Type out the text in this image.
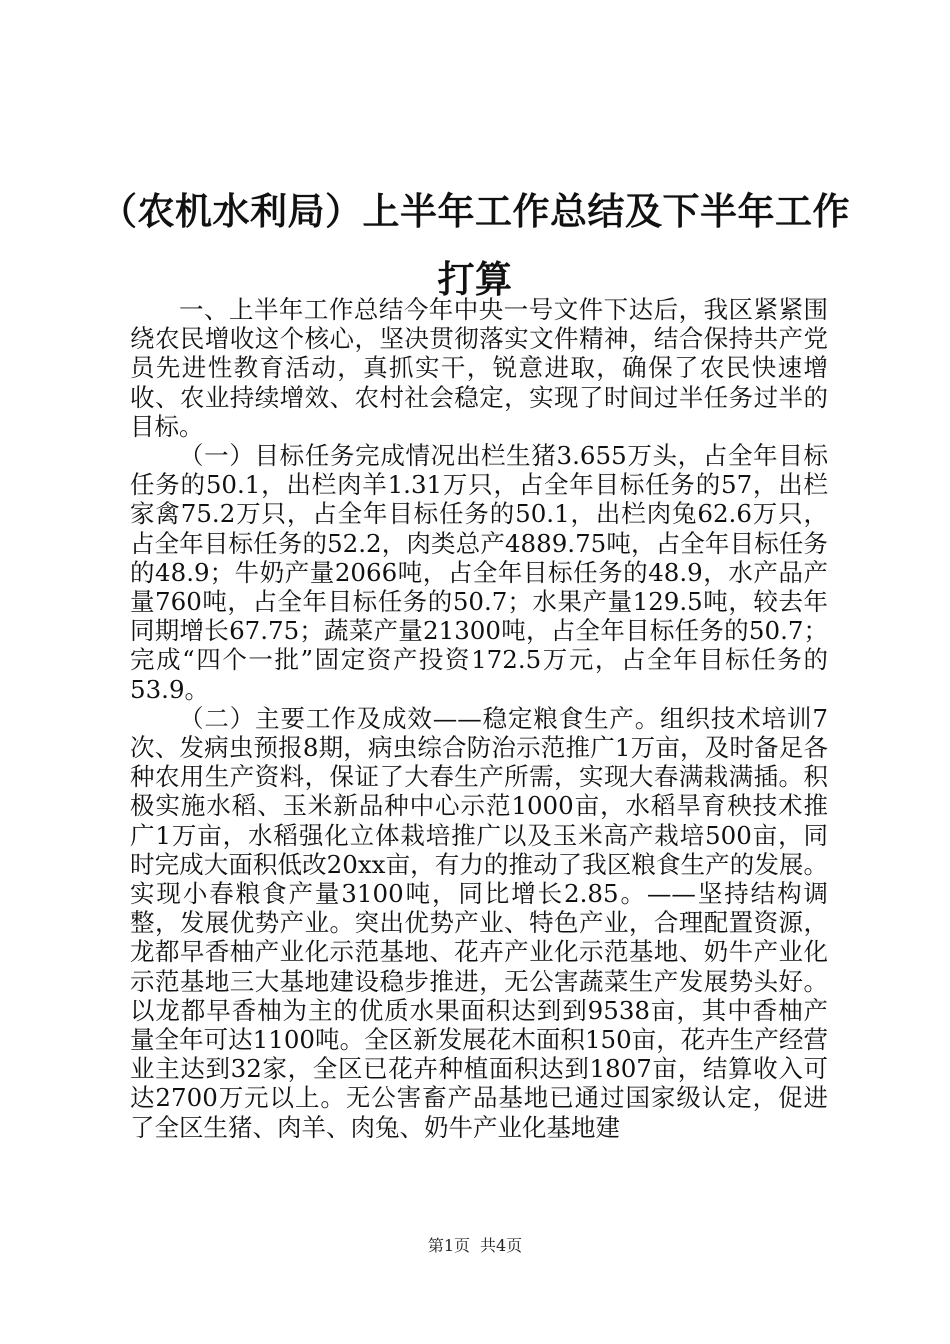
（农机水利局）上半年工作总结及下半年工作打算

一、上半年工作总结今年中央一号文件下达后，我区紧紧围绕农民增收这个核心，坚决贯彻落实文件精神，结合保持共产党员先进性教育活动，真抓实干，锐意进取，确保了农民快速增收、农业持续增效、农村社会稳定，实现了时间过半任务过半的目标。

（一）目标任务完成情况出栏生猪3.655万头，占全年目标任务的50.1，出栏肉羊1.31万只，占全年目标任务的57，出栏家禽75.2万只，占全年目标任务的50.1，出栏肉兔62.6万只，占全年目标任务的52.2，肉类总产4889.75吨，占全年目标任务的48.9；牛奶产量2066吨，占全年目标任务的48.9，水产品产量760吨，占全年目标任务的50.7；水果产量129.5吨，较去年同期增长67.75；蔬菜产量21300吨，占全年目标任务的50.7；完成“四个一批”固定资产投资172.5万元，占全年目标任务的53.9。

（二）主要工作及成效——稳定粮食生产。组织技术培训7次、发病虫预报8期，病虫综合防治示范推广1万亩，及时备足各种农用生产资料，保证了大春生产所需，实现大春满栽满插。积极实施水稻、玉米新品种中心示范1000亩，水稻旱育秧技术推广1万亩，水稻强化立体栽培推广以及玉米高产栽培500亩，同时完成大面积低改20xx亩，有力的推动了我区粮食生产的发展。实现小春粮食产量3100吨，同比增长2.85。——坚持结构调整，发展优势产业。突出优势产业、特色产业，合理配置资源，龙都早香柚产业化示范基地、花卉产业化示范基地、奶牛产业化示范基地三大基地建设稳步推进，无公害蔬菜生产发展势头好。以龙都早香柚为主的优质水果面积达到到9538亩，其中香柚产量全年可达1100吨。全区新发展花木面积150亩，花卉生产经营业主达到32家，全区已花卉种植面积达到1807亩，结算收入可达2700万元以上。无公害畜产品基地已通过国家级认定，促进了全区生猪、肉羊、肉兔、奶牛产业化基地建

第1页 共4页
